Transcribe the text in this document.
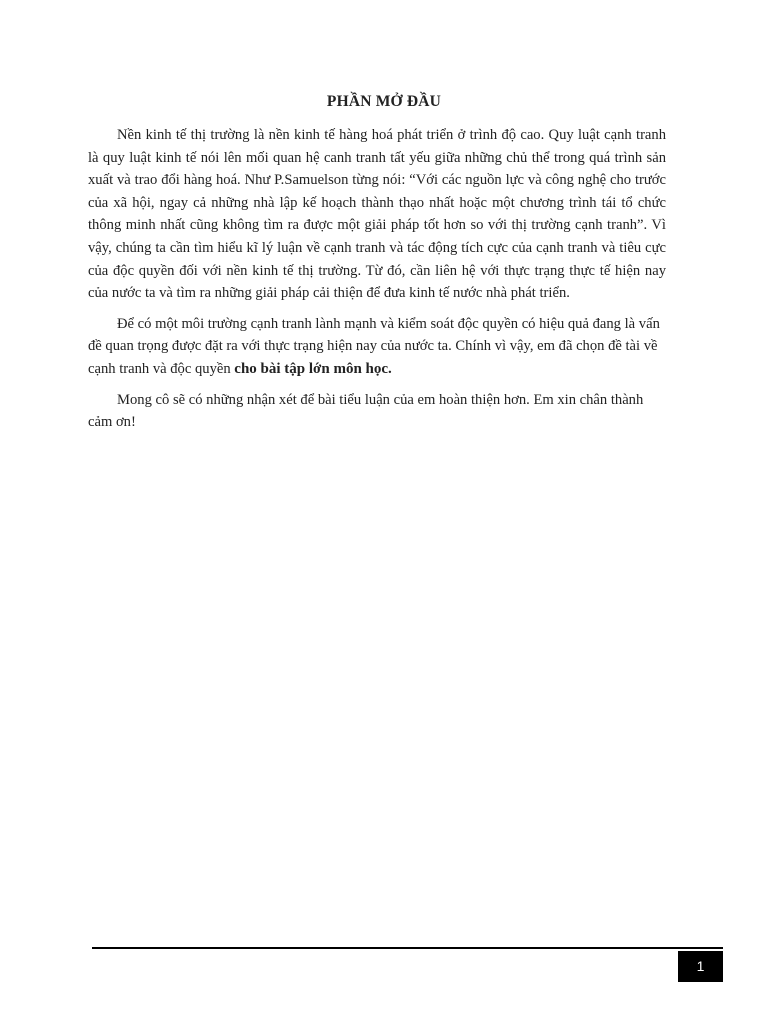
PHẦN MỞ ĐẦU

Nền kinh tế thị trường là nền kinh tế hàng hoá phát triển ở trình độ cao. Quy luật cạnh tranh là quy luật kinh tế nói lên mối quan hệ canh tranh tất yếu giữa những chủ thể trong quá trình sản xuất và trao đổi hàng hoá. Như P.Samuelson từng nói: “Với các nguồn lực và công nghệ cho trước của xã hội, ngay cả những nhà lập kế hoạch thành thạo nhất hoặc một chương trình tái tổ chức thông minh nhất cũng không tìm ra được một giải pháp tốt hơn so với thị trường cạnh tranh”. Vì vậy, chúng ta cần tìm hiểu kĩ lý luận về cạnh tranh và tác động tích cực của cạnh tranh và tiêu cực của độc quyền đối với nền kinh tế thị trường. Từ đó, cần liên hệ với thực trạng thực tế hiện nay của nước ta và tìm ra những giải pháp cải thiện để đưa kinh tế nước nhà phát triển.

Để có một môi trường cạnh tranh lành mạnh và kiểm soát độc quyền có hiệu quả đang là vấn đề quan trọng được đặt ra với thực trạng hiện nay của nước ta. Chính vì vậy, em đã chọn đề tài về cạnh tranh và độc quyền cho bài tập lớn môn học.

Mong cô sẽ có những nhận xét để bài tiểu luận của em hoàn thiện hơn. Em xin chân thành cảm ơn!

1
